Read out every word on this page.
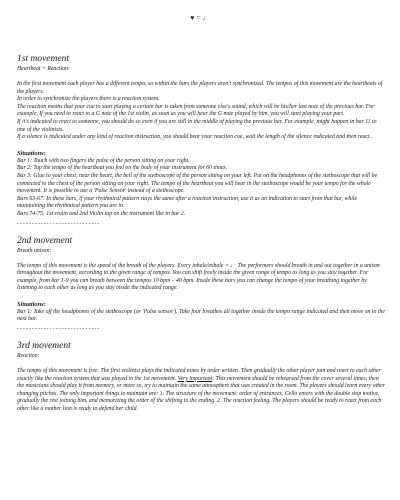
♥ = ♩

1st movement

Heartbeat + Reaction:

In the first movement each player has a different tempo, so within the bars the players aren't synchronized. The tempos of this movement are the heartbeats of the players.

In order to synchronize the players there is a reaction system.

The reaction means that your cue to start playing a certain bar is taken from someone else's sound, which will be his/her last note of the previous bar. For example, If you need to react to a G note of the 1st violin, as soon as you will hear the G note played by him, you will start playing your part.

If it's indicated to react to someone, you should do so even if you are still in the middle of playing the previous bar. For example, might happen in bar 11 to one of the violinists.

If a silence is indicated under any kind of reaction instruction, you should hear your reaction cue, wait the length of the silence indicated and then react.

Situations:

Bar 1: Touch with two fingers the pulse of the person sitting on your right.

Bar 2: Tap the tempo of the heartbeat you feel on the body of your instrument for 60 times.

Bar 3: Glue to your chest, near the heart, the bell of the stethoscope of the person sitting on your left. Put on the headphones of the stethoscope that will be connected to the chest of the person sitting on your right. The tempo of the heartbeat you will hear in the stethoscope would be your tempo for the whole movement. It is possible to use a 'Pulse Sensor' instead of a stethoscope.

Bars 63-67: In these bars, if your rhythmical pattern stays the same after a reaction instruction, use it as an indication to start from that bar, while maintaining the rhythmical pattern you are in.

Bars 74-75: 1st violin and 2nd Violin tap on the instrument like in bar 2.

- - - - - - - - - - - - - - - - - - - - - - - - - - - -

2nd movement

Breath unison:

The tempo of this movement is the speed of the breath of the players. Every inhale/exhale = ♩ The performers should breath in and out together in a unison throughout the movement, according to the given range of tempos. You can shift freely inside the given range of tempo as long as you stay together. For example, from bar 1-9 you can breath between the tempos 10 bpm – 40 bpm. Inside these bars you can change the tempo of your breathing together by listening to each other as long as you stay inside the indicated range.

Situations:

Bar 1: Take off the headphones of the stethoscope (or 'Pulse sensor'). Take four breathes all together inside the tempo range indicated and then move on to the next bar.

- - - - - - - - - - - - - - - - - - - - - - - - - - - -

3rd movement

Reaction:

The tempo of this movement is free. The first violinist plays the indicated notes by order written. Then gradually the other player join and react to each other exactly like the reaction system that was played in the 1st movement. Very important: This movement should be rehearsed from the cover several times, then the musicians should play it from memory, or more so, try to maintain the same atmosphere that was created in the room. The players should learn every other changing pitches. The only important things to maintain are: 1. The structure of the movement: order of entrances, Cello enters with the double stop motive, gradually the rest joining him, and memorizing the order of the shifting to the ending. 2. The reaction feeling. The players should be ready to react from each other like a mother lion is ready to defend her child.
